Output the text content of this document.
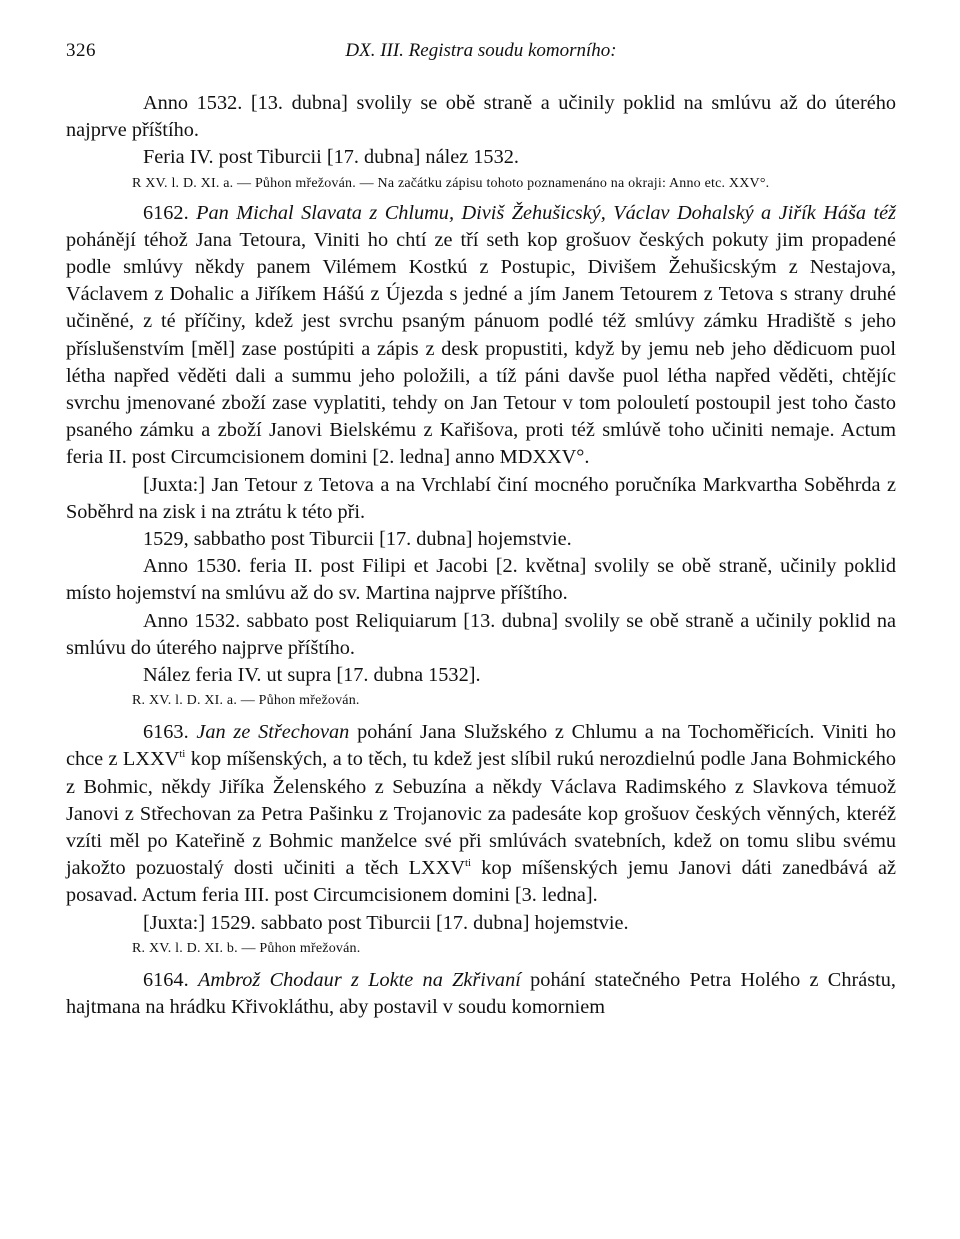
326	DX. III. Registra soudu komorního:

Anno 1532. [13. dubna] svolily se obě straně a učinily poklid na smlúvu až do úterého najprve příštího.

Feria IV. post Tiburcii [17. dubna] nález 1532.

R XV. l. D. XI. a. — Půhon mřežován. — Na začátku zápisu tohoto poznamenáno na okraji: Anno etc. XXV°.

6162. Pan Michal Slavata z Chlumu, Diviš Žehušicský, Václav Dohalský a Jiřík Háša též pohánějí téhož Jana Tetoura, Viniti ho chtí ze tří seth kop grošuov českých pokuty jim propadené podle smlúvy někdy panem Vilémem Kostkú z Postupic, Divišem Žehušicským z Nestajova, Václavem z Dohalic a Jiříkem Hášú z Újezda s jedné a jím Janem Tetourem z Tetova s strany druhé učiněné, z té příčiny, kdež jest svrchu psaným pánuom podlé též smlúvy zámku Hradiště s jeho příslušenstvím [měl] zase postúpiti a zápis z desk propustiti, když by jemu neb jeho dědicuom puol létha napřed věděti dali a summu jeho položili, a tíž páni davše puol létha napřed věděti, chtějíc svrchu jmenované zboží zase vyplatiti, tehdy on Jan Tetour v tom polouletí postoupil jest toho často psaného zámku a zboží Janovi Bielskému z Kařišova, proti též smlúvě toho učiniti nemaje. Actum feria II. post Circumcisionem domini [2. ledna] anno MDXXV°.

[Juxta:] Jan Tetour z Tetova a na Vrchlabí činí mocného poručníka Markvartha Soběhrda z Soběhrd na zisk i na ztrátu k této při.

1529, sabbatho post Tiburcii [17. dubna] hojemstvie.

Anno 1530. feria II. post Filipi et Jacobi [2. května] svolily se obě straně, učinily poklid místo hojemství na smlúvu až do sv. Martina najprve příštího.

Anno 1532. sabbato post Reliquiarum [13. dubna] svolily se obě straně a učinily poklid na smlúvu do úterého najprve příštího.

Nález feria IV. ut supra [17. dubna 1532].

R. XV. l. D. XI. a. — Půhon mřežován.

6163. Jan ze Střechovan pohání Jana Služského z Chlumu a na Tochoměřicích. Viniti ho chce z $LXXV^{ti}$ kop míšenských, a to těch, tu kdež jest slíbil rukú nerozdielnú podle Jana Bohmického z Bohmic, někdy Jiříka Želenského z Sebuzína a někdy Václava Radimského z Slavkova témuož Janovi z Střechovan za Petra Pašinku z Trojanovic za padesáte kop grošuov českých věnných, kteréž vzíti měl po Kateřině z Bohmic manželce své při smlúvách svatebních, kdež on tomu slibu svému jakožto pozuostalý dosti učiniti a těch $LXXV^{ti}$ kop míšenských jemu Janovi dáti zanedbává až posavad. Actum feria III. post Circumcisionem domini [3. ledna].

[Juxta:] 1529. sabbato post Tiburcii [17. dubna] hojemstvie.

R. XV. l. D. XI. b. — Půhon mřežován.

6164. Ambrož Chodaur z Lokte na Zkřivaní pohání statečného Petra Holého z Chrástu, hajtmana na hrádku Křivokláthu, aby postavil v soudu komorniem
